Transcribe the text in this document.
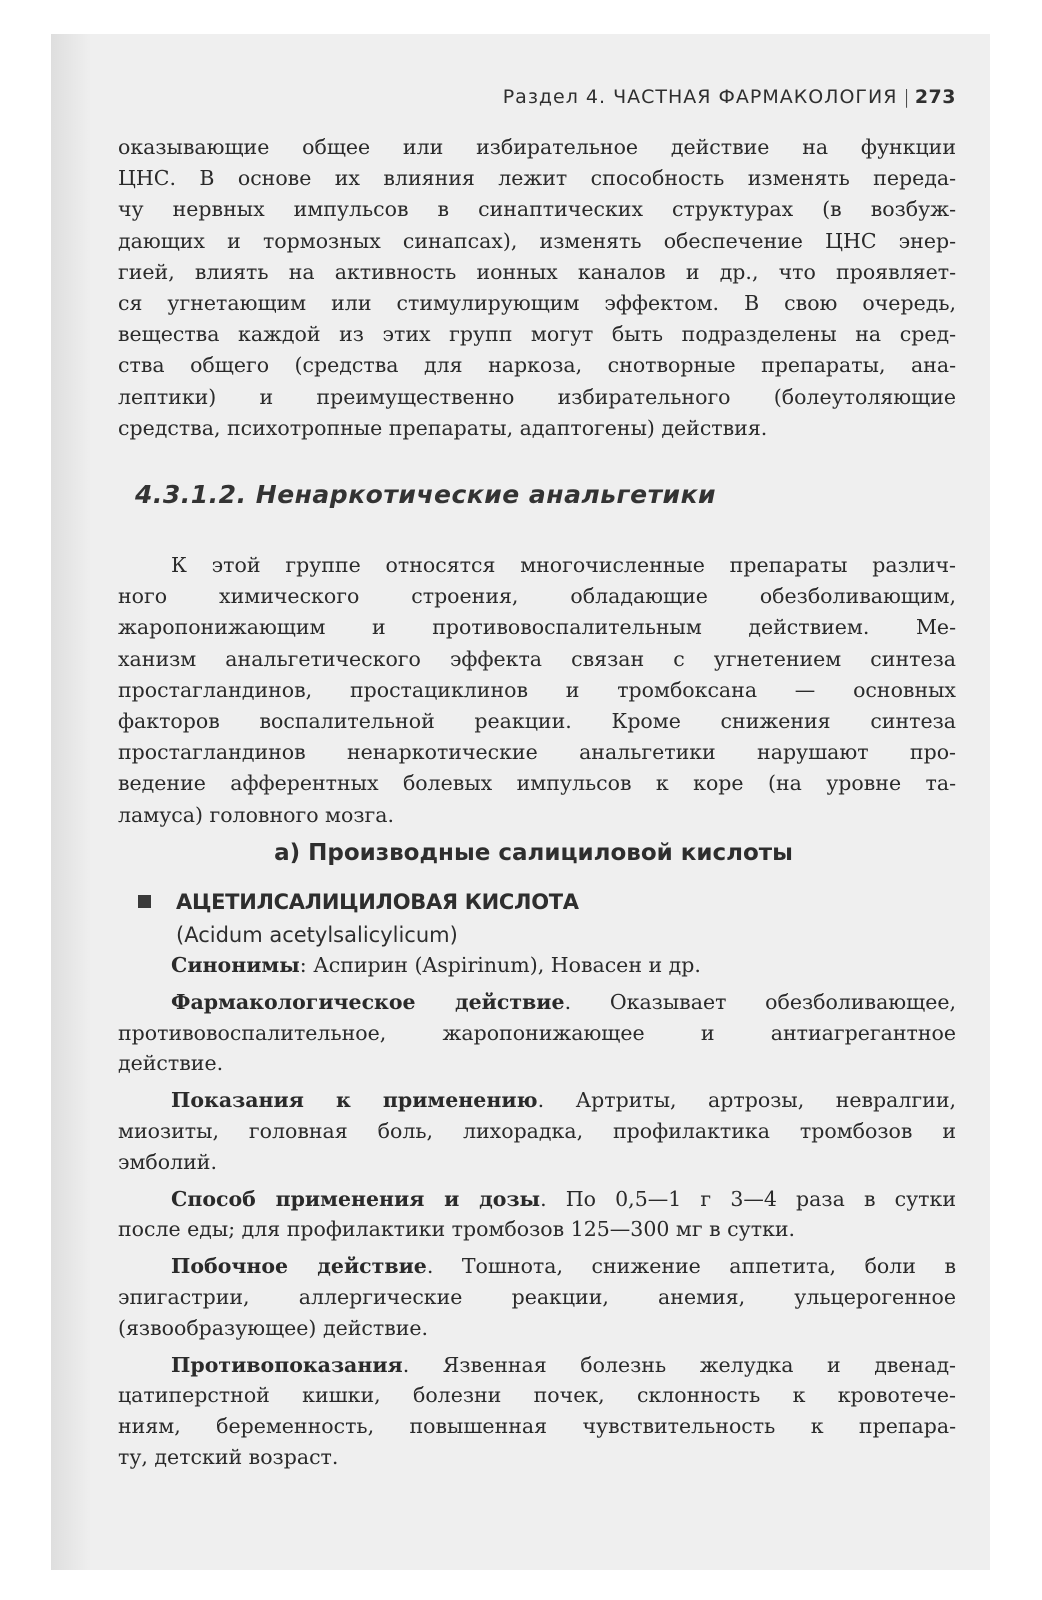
Раздел 4. ЧАСТНАЯ ФАРМАКОЛОГИЯ | 273
оказывающие общее или избирательное действие на функции
ЦНС. В основе их влияния лежит способность изменять переда-
чу нервных импульсов в синаптических структурах (в возбуж-
дающих и тормозных синапсах), изменять обеспечение ЦНС энер-
гией, влиять на активность ионных каналов и др., что проявляет-
ся угнетающим или стимулирующим эффектом. В свою очередь,
вещества каждой из этих групп могут быть подразделены на сред-
ства общего (средства для наркоза, снотворные препараты, ана-
лептики) и преимущественно избирательного (болеутоляющие
средства, психотропные препараты, адаптогены) действия.
4.3.1.2. Ненаркотические анальгетики
К этой группе относятся многочисленные препараты различ-
ного химического строения, обладающие обезболивающим,
жаропонижающим и противовоспалительным действием. Ме-
ханизм анальгетического эффекта связан с угнетением синтеза
простагландинов, простациклинов и тромбоксана — основных
факторов воспалительной реакции. Кроме снижения синтеза
простагландинов ненаркотические анальгетики нарушают про-
ведение афферентных болевых импульсов к коре (на уровне та-
ламуса) головного мозга.
а) Производные салициловой кислоты
АЦЕТИЛСАЛИЦИЛОВАЯ КИСЛОТА
(Acidum acetylsalicylicum)
Синонимы: Аспирин (Aspirinum), Новасен и др.
Фармакологическое действие. Оказывает обезболивающее,
противовоспалительное, жаропонижающее и антиагрегантное
действие.
Показания к применению. Артриты, артрозы, невралгии,
миозиты, головная боль, лихорадка, профилактика тромбозов и
эмболий.
Способ применения и дозы. По 0,5—1 г 3—4 раза в сутки
после еды; для профилактики тромбозов 125—300 мг в сутки.
Побочное действие. Тошнота, снижение аппетита, боли в
эпигастрии, аллергические реакции, анемия, ульцерогенное
(язвообразующее) действие.
Противопоказания. Язвенная болезнь желудка и двенад-
цатиперстной кишки, болезни почек, склонность к кровотече-
ниям, беременность, повышенная чувствительность к препара-
ту, детский возраст.
